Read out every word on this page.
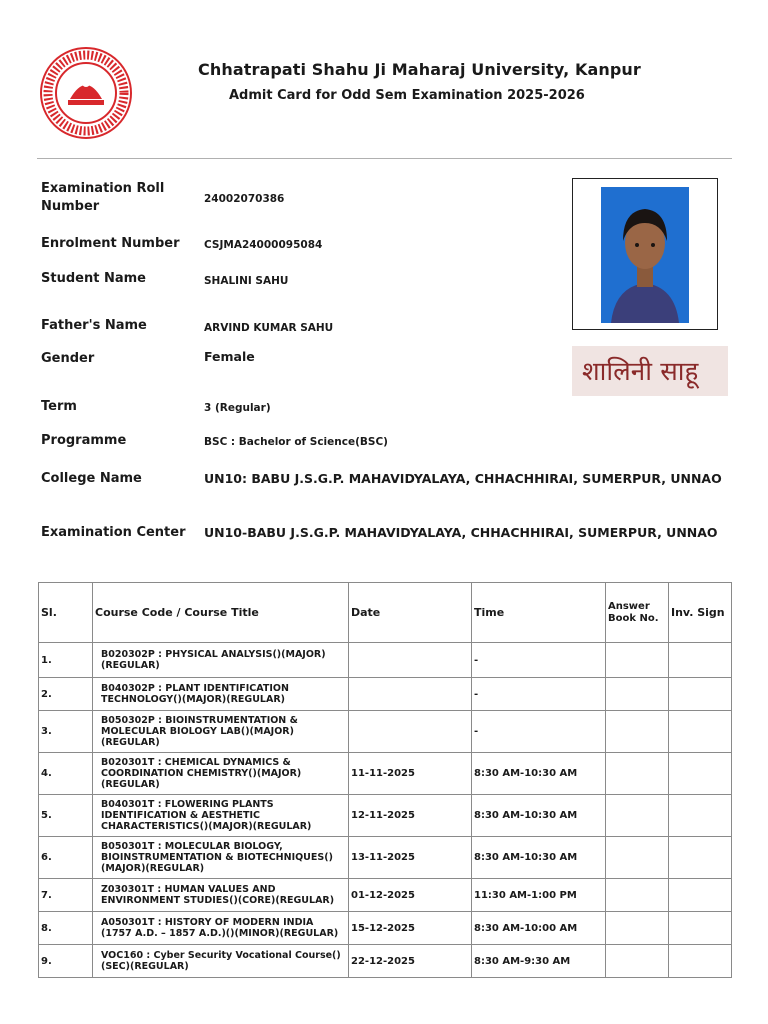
Chhatrapati Shahu Ji Maharaj University, Kanpur
Admit Card for Odd Sem Examination 2025-2026
Examination Roll Number	24002070386
Enrolment Number CSJMA24000095084
Student Name	SHALINI SAHU
Father's Name	ARVIND KUMAR SAHU
Gender	Female
Term	3 (Regular)
Programme	BSC : Bachelor of Science(BSC)
College Name	UN10: BABU J.S.G.P. MAHAVIDYALAYA, CHHACHHIRAI, SUMERPUR, UNNAO
Examination Center UN10-BABU J.S.G.P. MAHAVIDYALAYA, CHHACHHIRAI, SUMERPUR, UNNAO
शालिनी साहू
Sl.	Course Code / Course Title	Date	Time	Answer Book No.	Inv. Sign
1.	B020302P : PHYSICAL ANALYSIS()(MAJOR)(REGULAR)		-		
2.	B040302P : PLANT IDENTIFICATION TECHNOLOGY()(MAJOR)(REGULAR)		-		
3.	B050302P : BIOINSTRUMENTATION & MOLECULAR BIOLOGY LAB()(MAJOR)(REGULAR)		-		
4.	B020301T : CHEMICAL DYNAMICS & COORDINATION CHEMISTRY()(MAJOR)(REGULAR)	11-11-2025	8:30 AM-10:30 AM		
5.	B040301T : FLOWERING PLANTS IDENTIFICATION & AESTHETIC CHARACTERISTICS()(MAJOR)(REGULAR)	12-11-2025	8:30 AM-10:30 AM		
6.	B050301T : MOLECULAR BIOLOGY, BIOINSTRUMENTATION & BIOTECHNIQUES()(MAJOR)(REGULAR)	13-11-2025	8:30 AM-10:30 AM		
7.	Z030301T : HUMAN VALUES AND ENVIRONMENT STUDIES()(CORE)(REGULAR)	01-12-2025	11:30 AM-1:00 PM		
8.	A050301T : HISTORY OF MODERN INDIA (1757 A.D. – 1857 A.D.)()(MINOR)(REGULAR)	15-12-2025	8:30 AM-10:00 AM		
9.	VOC160 : Cyber Security Vocational Course()(SEC)(REGULAR)	22-12-2025	8:30 AM-9:30 AM		
